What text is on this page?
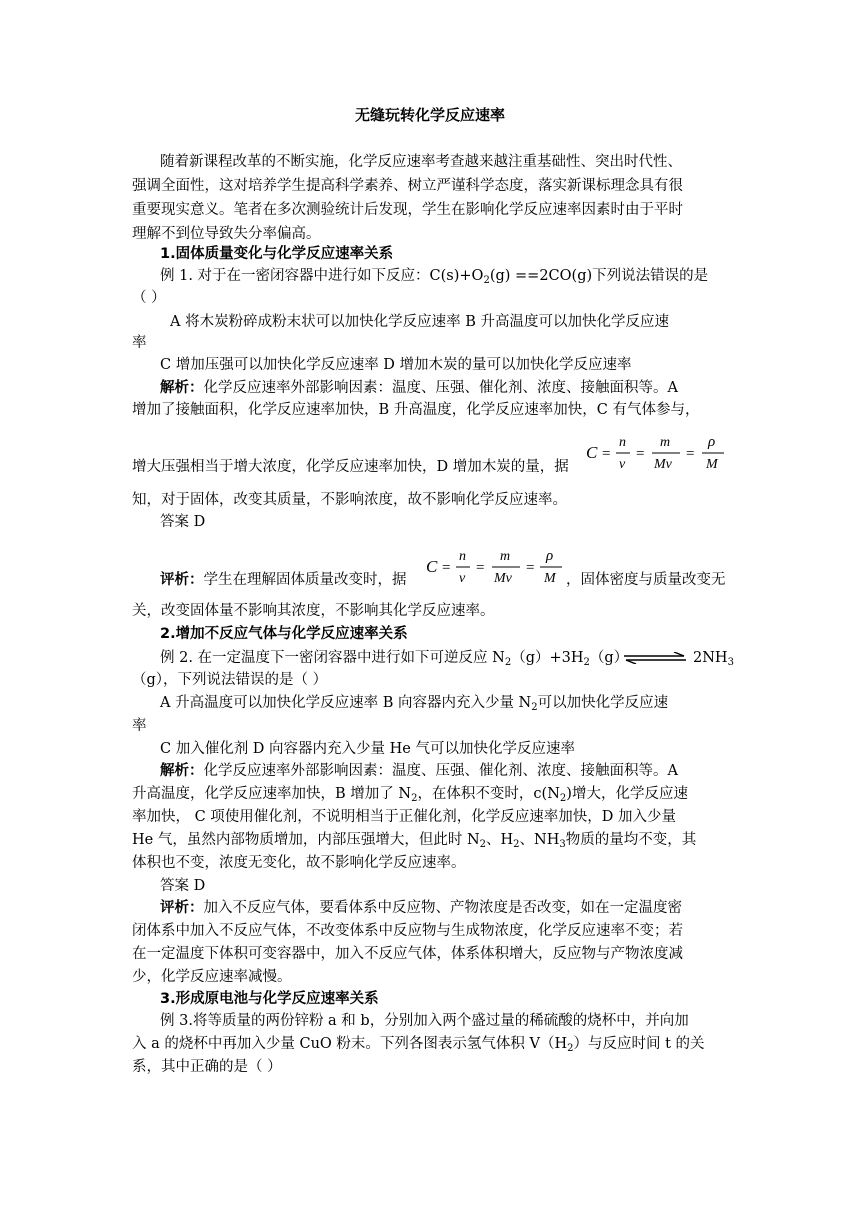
无缝玩转化学反应速率
随着新课程改革的不断实施，化学反应速率考查越来越注重基础性、突出时代性、
强调全面性，这对培养学生提高科学素养、树立严谨科学态度，落实新课标理念具有很
重要现实意义。笔者在多次测验统计后发现，学生在影响化学反应速率因素时由于平时
理解不到位导致失分率偏高。
1.固体质量变化与化学反应速率关系
例 1. 对于在一密闭容器中进行如下反应：$C(s)+O_2(g) ==2CO(g)$下列说法错误的是
（ ）
A 将木炭粉碎成粉末状可以加快化学反应速率 B 升高温度可以加快化学反应速
率
C 增加压强可以加快化学反应速率 D 增加木炭的量可以加快化学反应速率
解析：化学反应速率外部影响因素：温度、压强、催化剂、浓度、接触面积等。A
增加了接触面积，化学反应速率加快，B 升高温度，化学反应速率加快，C 有气体参与，
增大压强相当于增大浓度，化学反应速率加快，D 增加木炭的量，据
C =
n
v
=
m
Mv
=
ρ
M
知，对于固体，改变其质量，不影响浓度，故不影响化学反应速率。
答案 D
评析：学生在理解固体质量改变时，据
C =
n
v
=
m
Mv
=
ρ
M ，固体密度与质量改变无
关，改变固体量不影响其浓度，不影响其化学反应速率。
2.增加不反应气体与化学反应速率关系
例 2. 在一定温度下一密闭容器中进行如下可逆反应 $N_2(g)+3H_2(g)$	$2NH_3$
（g），下列说法错误的是（ ）
A 升高温度可以加快化学反应速率 B 向容器内充入少量 $N_2$可以加快化学反应速
率
C 加入催化剂 D 向容器内充入少量 He 气可以加快化学反应速率
解析：化学反应速率外部影响因素：温度、压强、催化剂、浓度、接触面积等。A
升高温度，化学反应速率加快，B 增加了 $N_2$，在体积不变时，$c(N_2)$增大，化学反应速
率加快， C 项使用催化剂，不说明相当于正催化剂，化学反应速率加快，D 加入少量
He 气，虽然内部物质增加，内部压强增大，但此时 $N_2$、$H_2$、$NH_3$物质的量均不变，其
体积也不变，浓度无变化，故不影响化学反应速率。
答案 D
评析：加入不反应气体，要看体系中反应物、产物浓度是否改变，如在一定温度密
闭体系中加入不反应气体，不改变体系中反应物与生成物浓度，化学反应速率不变；若
在一定温度下体积可变容器中，加入不反应气体，体系体积增大，反应物与产物浓度减
少，化学反应速率减慢。
3.形成原电池与化学反应速率关系
例 3.将等质量的两份锌粉 a 和 b，分别加入两个盛过量的稀硫酸的烧杯中，并向加
入 a 的烧杯中再加入少量 CuO 粉末。下列各图表示氢气体积 $V(H_2)$与反应时间 t 的关
系，其中正确的是（ ）
